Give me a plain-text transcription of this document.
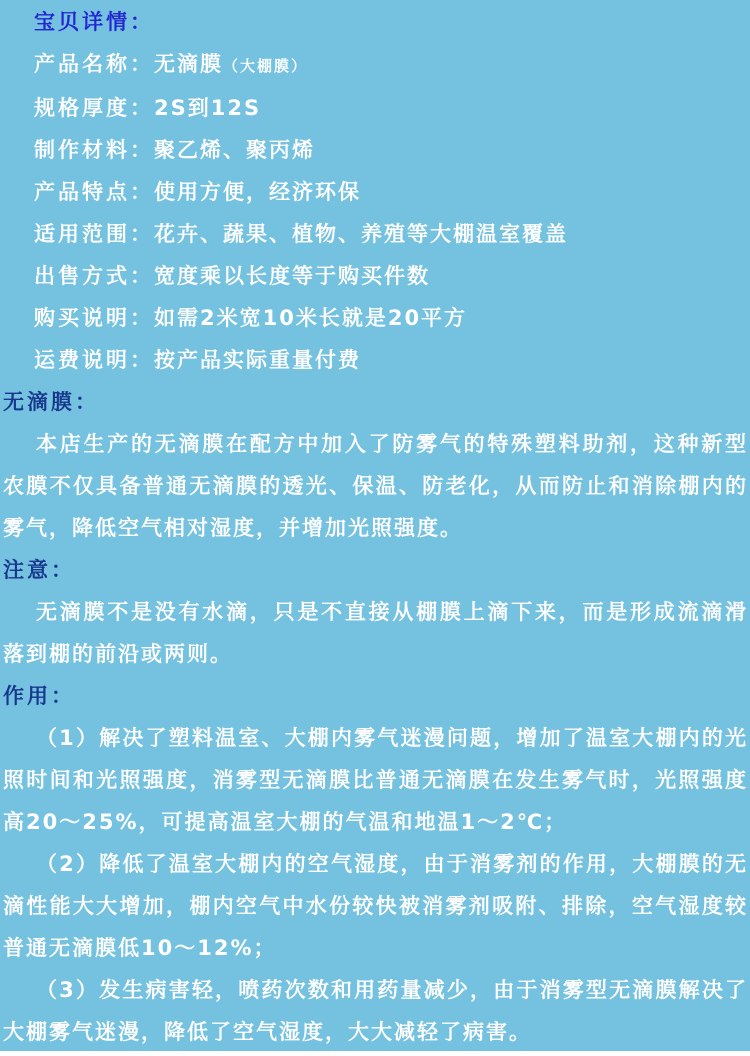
宝贝详情：
产品名称：无滴膜（大棚膜）
规格厚度：2S到12S
制作材料：聚乙烯、聚丙烯
产品特点：使用方便，经济环保
适用范围：花卉、蔬果、植物、养殖等大棚温室覆盖
出售方式：宽度乘以长度等于购买件数
购买说明：如需2米宽10米长就是20平方
运费说明：按产品实际重量付费
无滴膜：

本店生产的无滴膜在配方中加入了防雾气的特殊塑料助剂，这种新型农膜不仅具备普通无滴膜的透光、保温、防老化，从而防止和消除棚内的雾气，降低空气相对湿度，并增加光照强度。

注意：

无滴膜不是没有水滴，只是不直接从棚膜上滴下来，而是形成流滴滑落到棚的前沿或两则。

作用：

（1）解决了塑料温室、大棚内雾气迷漫问题，增加了温室大棚内的光照时间和光照强度，消雾型无滴膜比普通无滴膜在发生雾气时，光照强度高20～25%，可提高温室大棚的气温和地温1～2℃；

（2）降低了温室大棚内的空气湿度，由于消雾剂的作用，大棚膜的无滴性能大大增加，棚内空气中水份较快被消雾剂吸附、排除，空气湿度较普通无滴膜低10～12%；

（3）发生病害轻，喷药次数和用药量减少，由于消雾型无滴膜解决了大棚雾气迷漫，降低了空气湿度，大大减轻了病害。
